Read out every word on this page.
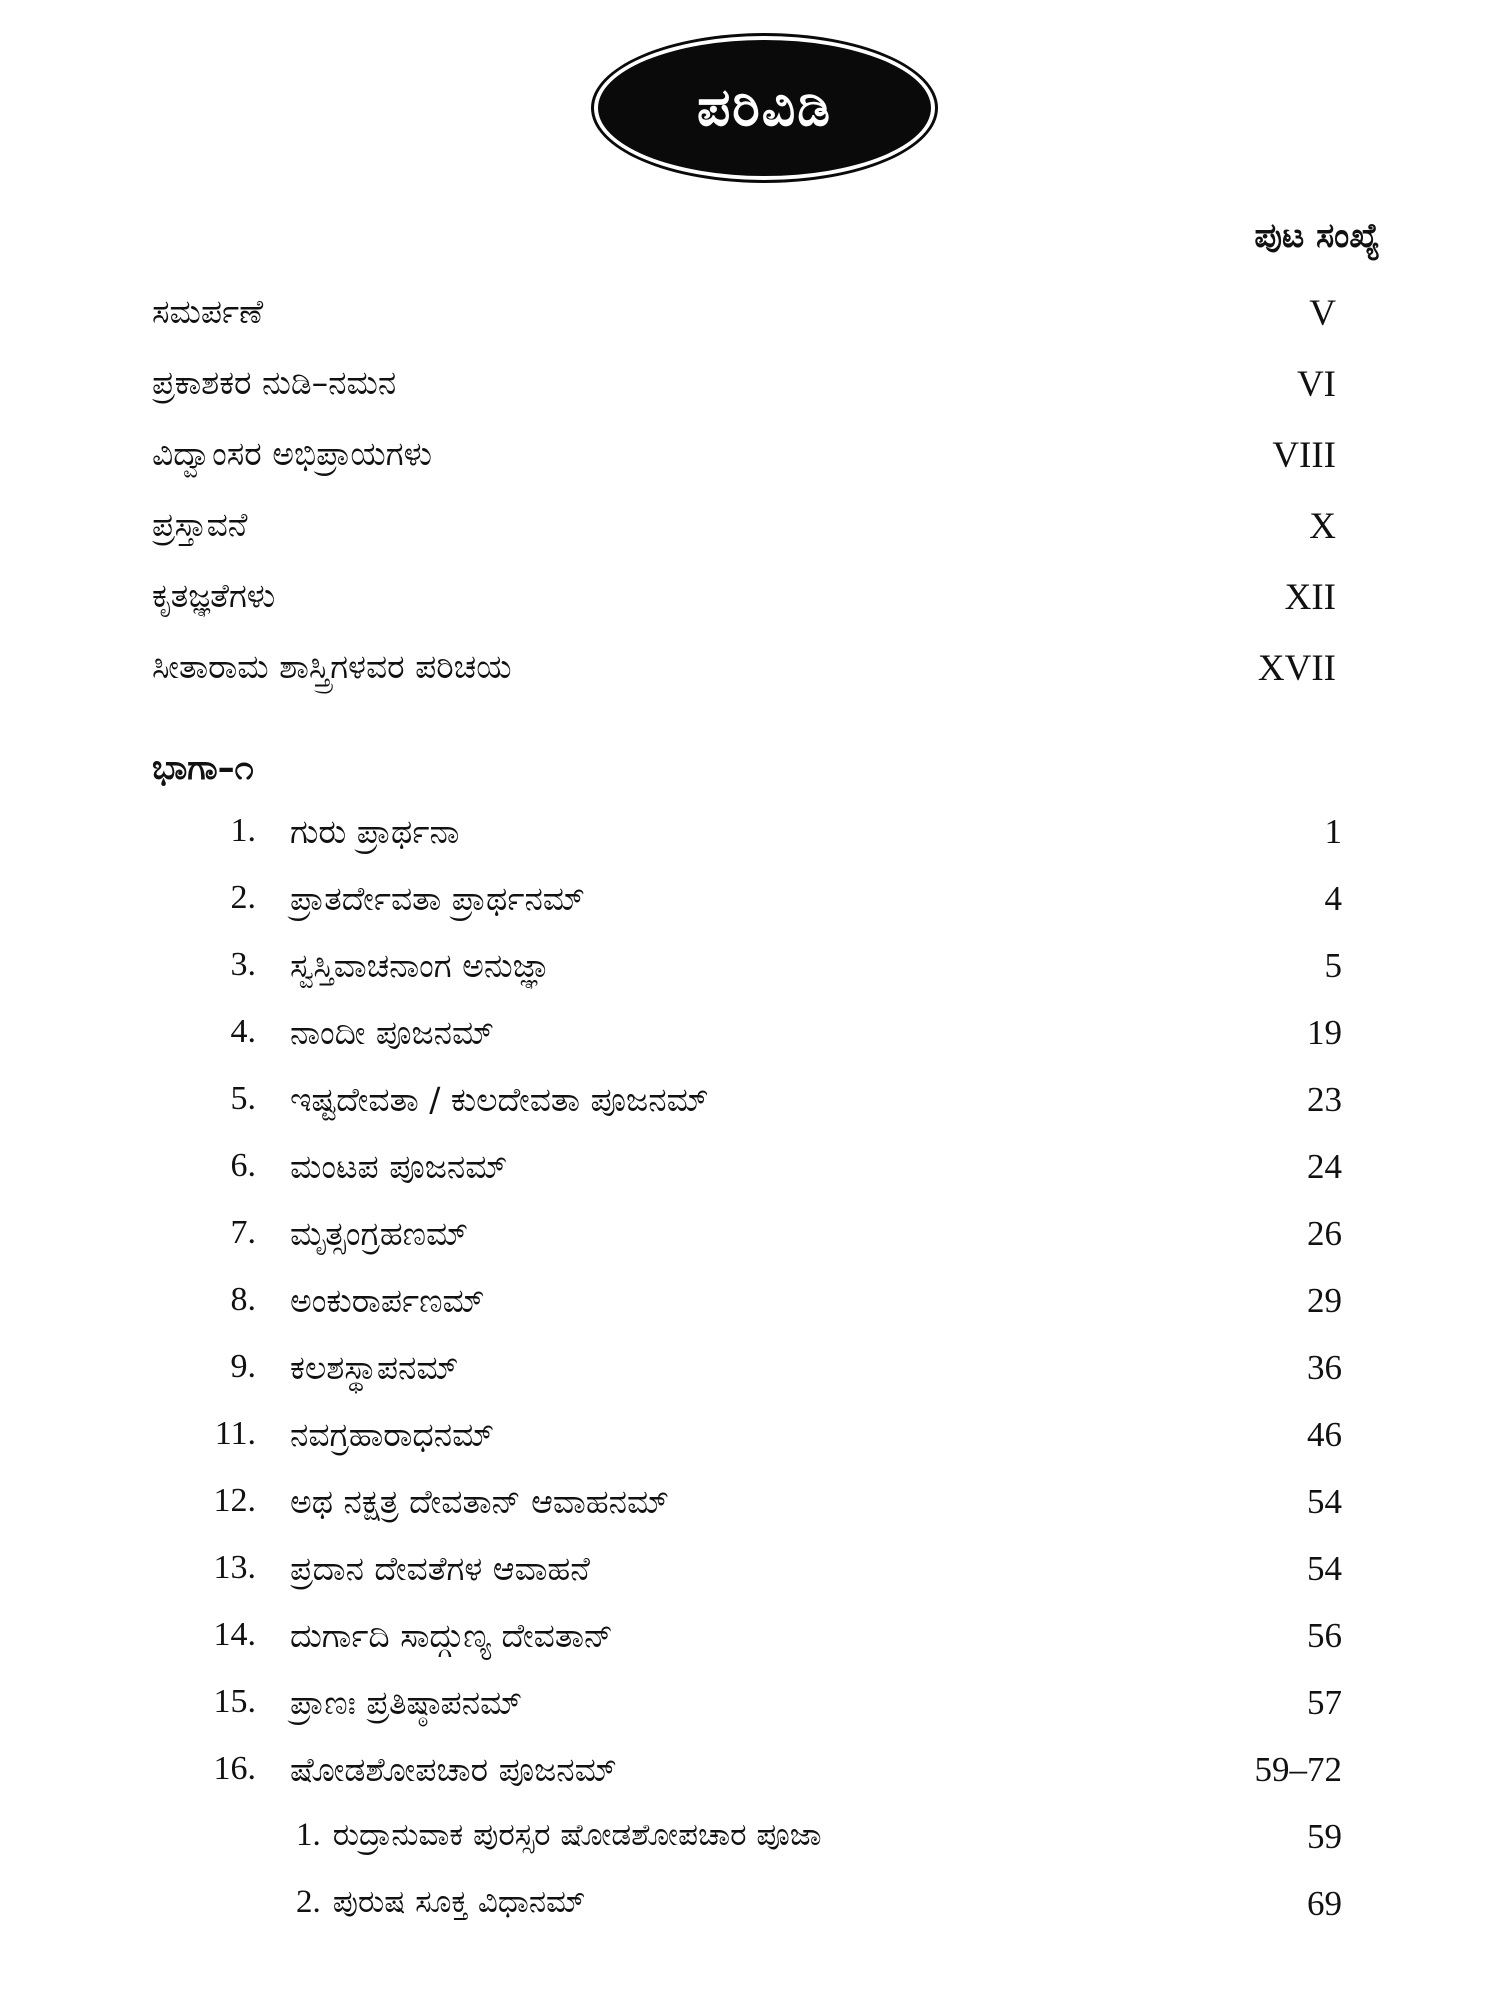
ಪರಿವಿಡಿ
ಪುಟ ಸಂಖ್ಯೆ
ಸಮರ್ಪಣೆ	V
ಪ್ರಕಾಶಕರ ನುಡಿ–ನಮನ	VI
ವಿದ್ವಾಂಸರ ಅಭಿಪ್ರಾಯಗಳು	VIII
ಪ್ರಸ್ತಾವನೆ	X
ಕೃತಜ್ಞತೆಗಳು	XII
ಸೀತಾರಾಮ ಶಾಸ್ತ್ರಿಗಳವರ ಪರಿಚಯ	XVII
ಭಾಗಾ–೧
1. ಗುರು ಪ್ರಾರ್ಥನಾ	1
2. ಪ್ರಾತರ್ದೇವತಾ ಪ್ರಾರ್ಥನಮ್	4
3. ಸ್ವಸ್ತಿವಾಚನಾಂಗ ಅನುಜ್ಞಾ	5
4. ನಾಂದೀ ಪೂಜನಮ್	19
5. ಇಷ್ಟದೇವತಾ / ಕುಲದೇವತಾ ಪೂಜನಮ್	23
6. ಮಂಟಪ ಪೂಜನಮ್	24
7. ಮೃತ್ಸಂಗ್ರಹಣಮ್	26
8. ಅಂಕುರಾರ್ಪಣಮ್	29
9. ಕಲಶಸ್ಥಾಪನಮ್	36
11. ನವಗ್ರಹಾರಾಧನಮ್	46
12. ಅಥ ನಕ್ಷತ್ರ ದೇವತಾನ್ ಆವಾಹನಮ್	54
13. ಪ್ರದಾನ ದೇವತೆಗಳ ಆವಾಹನೆ	54
14. ದುರ್ಗಾದಿ ಸಾದ್ಗುಣ್ಯ ದೇವತಾನ್	56
15. ಪ್ರಾಣಃ ಪ್ರತಿಷ್ಠಾಪನಮ್	57
16. ಷೋಡಶೋಪಚಾರ ಪೂಜನಮ್	59–72
1. ರುದ್ರಾನುವಾಕ ಪುರಸ್ಸರ ಷೋಡಶೋಪಚಾರ ಪೂಜಾ	59
2. ಪುರುಷ ಸೂಕ್ತ ವಿಧಾನಮ್	69
